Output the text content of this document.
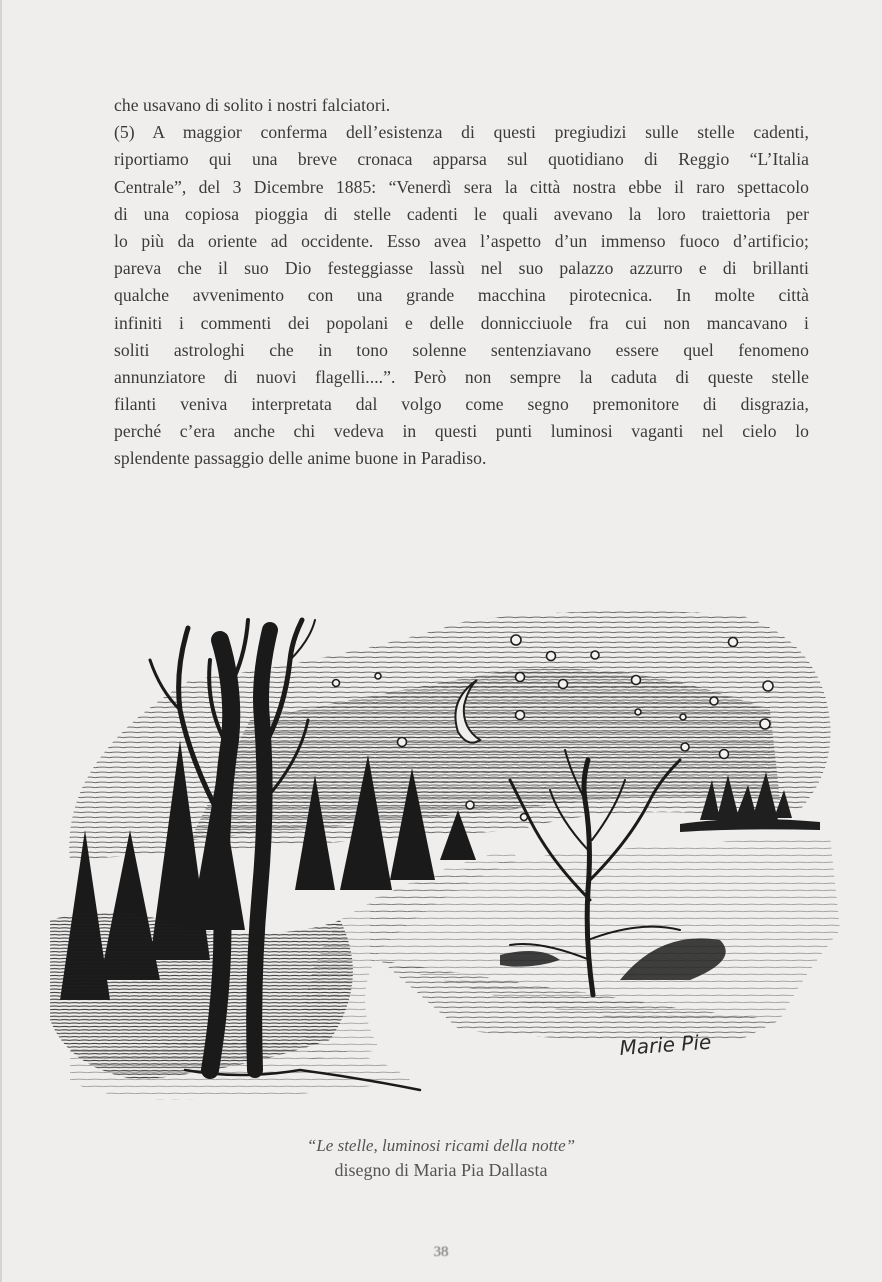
che usavano di solito i nostri falciatori.
(5) A maggior conferma dell’esistenza di questi pregiudizi sulle stelle cadenti,
riportiamo qui una breve cronaca apparsa sul quotidiano di Reggio “L’Italia
Centrale”, del 3 Dicembre 1885: “Venerdì sera la città nostra ebbe il raro spettacolo
di una copiosa pioggia di stelle cadenti le quali avevano la loro traiettoria per
lo più da oriente ad occidente. Esso avea l’aspetto d’un immenso fuoco d’artificio;
pareva che il suo Dio festeggiasse lassù nel suo palazzo azzurro e di brillanti
qualche avvenimento con una grande macchina pirotecnica. In molte città
infiniti i commenti dei popolani e delle donnicciuole fra cui non mancavano i
soliti astrologhi che in tono solenne sentenziavano essere quel fenomeno
annunziatore di nuovi flagelli....”. Però non sempre la caduta di queste stelle
filanti veniva interpretata dal volgo come segno premonitore di disgrazia,
perché c’era anche chi vedeva in questi punti luminosi vaganti nel cielo lo
splendente passaggio delle anime buone in Paradiso.
Marie Pie
“Le stelle, luminosi ricami della notte”
disegno di Maria Pia Dallasta
38
